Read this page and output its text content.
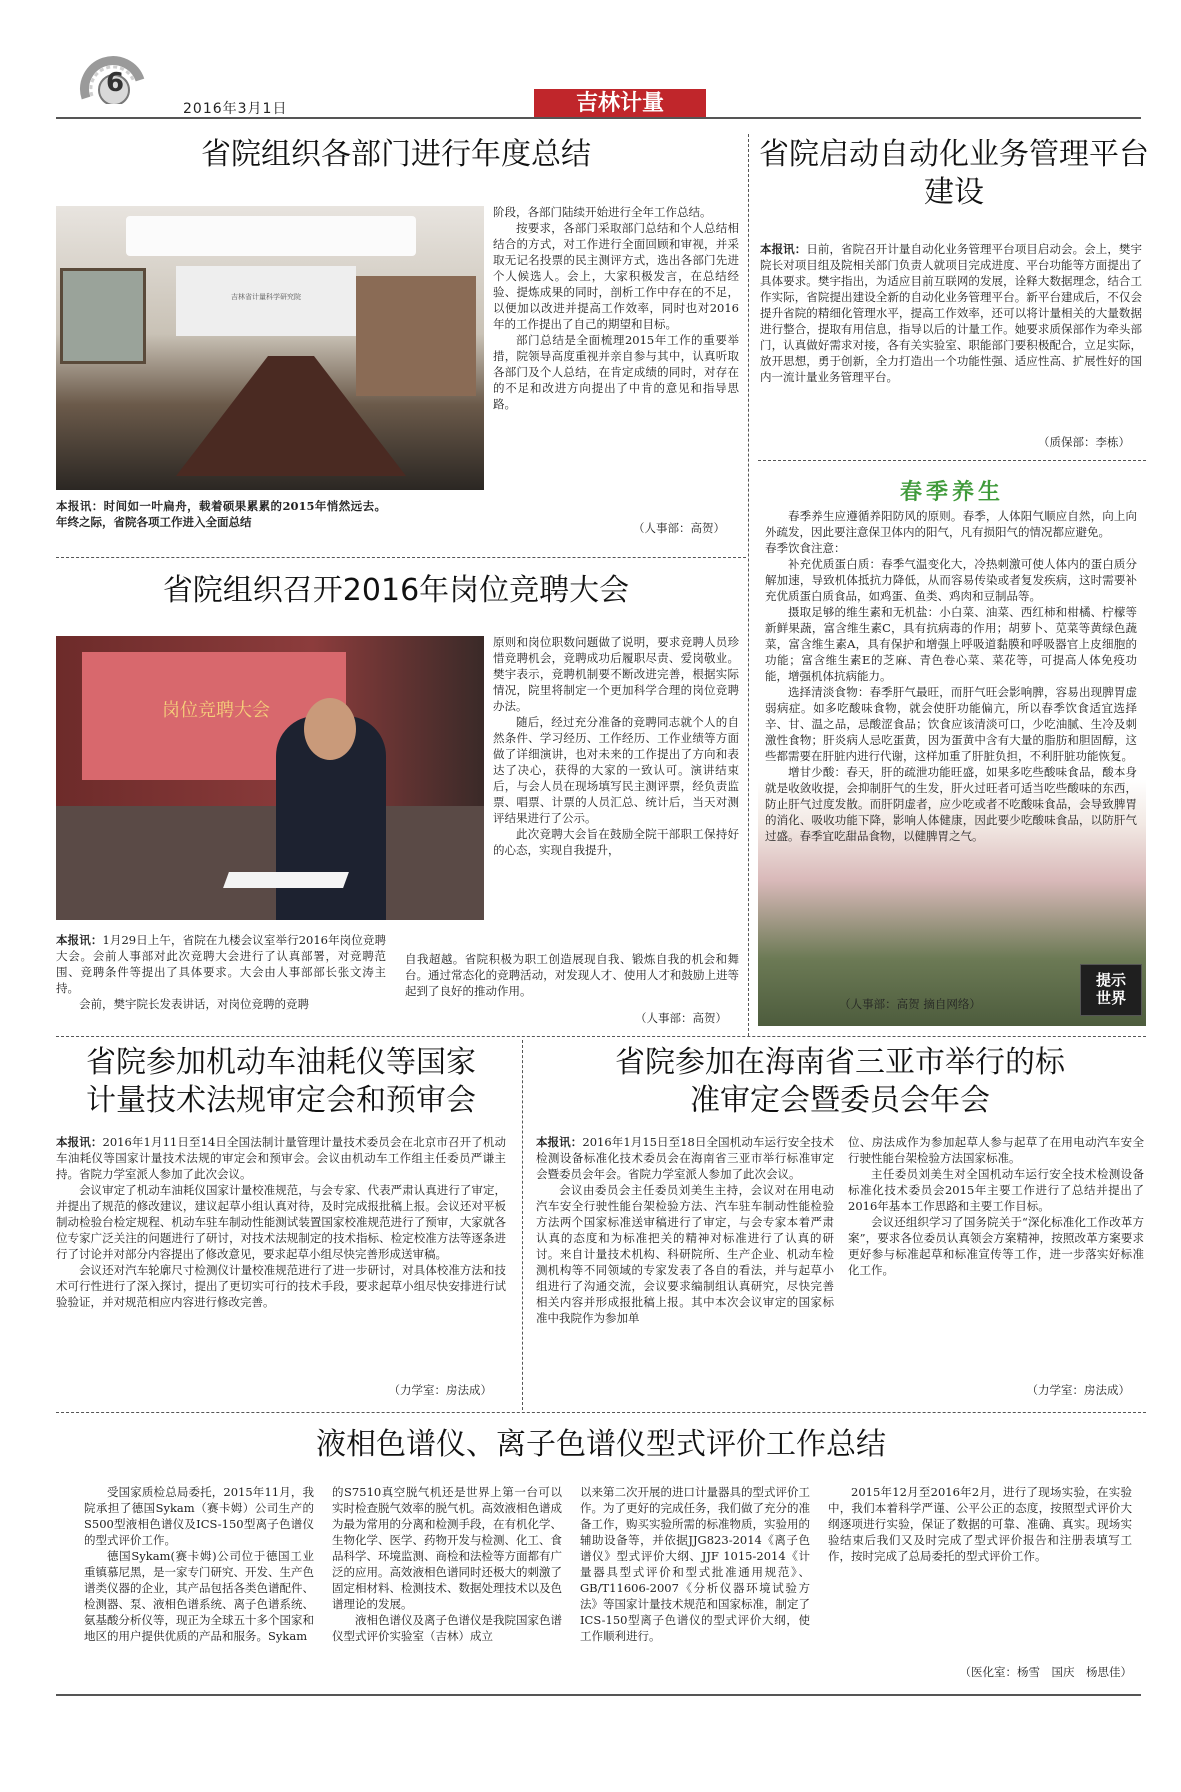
6
2016年3月1日	吉林计量
省院组织各部门进行年度总结
吉林省计量科学研究院
本报讯：时间如一叶扁舟，载着硕果累累的2015年悄然远去。年终之际，省院各项工作进入全面总结

阶段，各部门陆续开始进行全年工作总结。

按要求，各部门采取部门总结和个人总结相结合的方式，对工作进行全面回顾和审视，并采取无记名投票的民主测评方式，选出各部门先进个人候选人。会上，大家积极发言，在总结经验、提炼成果的同时，剖析工作中存在的不足，以便加以改进并提高工作效率，同时也对2016年的工作提出了自己的期望和目标。

部门总结是全面梳理2015年工作的重要举措，院领导高度重视并亲自参与其中，认真听取各部门及个人总结，在肯定成绩的同时，对存在的不足和改进方向提出了中肯的意见和指导思路。

（人事部：高贺）
省院启动自动化业务管理平台建设

本报讯：日前，省院召开计量自动化业务管理平台项目启动会。会上，樊宇院长对项目组及院相关部门负责人就项目完成进度、平台功能等方面提出了具体要求。樊宇指出，为适应目前互联网的发展，诠释大数据理念，结合工作实际，省院提出建设全新的自动化业务管理平台。新平台建成后，不仅会提升省院的精细化管理水平，提高工作效率，还可以将计量相关的大量数据进行整合，提取有用信息，指导以后的计量工作。她要求质保部作为牵头部门，认真做好需求对接，各有关实验室、职能部门要积极配合，立足实际，放开思想，勇于创新，全力打造出一个功能性强、适应性高、扩展性好的国内一流计量业务管理平台。

（质保部：李栋）
春季养生

春季养生应遵循养阳防风的原则。春季，人体阳气顺应自然，向上向外疏发，因此要注意保卫体内的阳气，凡有损阳气的情况都应避免。

春季饮食注意：

补充优质蛋白质：春季气温变化大，冷热刺激可使人体内的蛋白质分解加速，导致机体抵抗力降低，从而容易传染或者复发疾病，这时需要补充优质蛋白质食品，如鸡蛋、鱼类、鸡肉和豆制品等。

摄取足够的维生素和无机盐：小白菜、油菜、西红柿和柑橘、柠檬等新鲜果蔬，富含维生素C，具有抗病毒的作用；胡萝卜、苋菜等黄绿色蔬菜，富含维生素A，具有保护和增强上呼吸道黏膜和呼吸器官上皮细胞的功能；富含维生素E的芝麻、青色卷心菜、菜花等，可提高人体免疫功能，增强机体抗病能力。

选择清淡食物：春季肝气最旺，而肝气旺会影响脾，容易出现脾胃虚弱病症。如多吃酸味食物，就会使肝功能偏亢，所以春季饮食适宜选择辛、甘、温之品，忌酸涩食品；饮食应该清淡可口，少吃油腻、生冷及刺激性食物；肝炎病人忌吃蛋黄，因为蛋黄中含有大量的脂肪和胆固醇，这些都需要在肝脏内进行代谢，这样加重了肝脏负担，不利肝脏功能恢复。

增甘少酸：春天，肝的疏泄功能旺盛，如果多吃些酸味食品，酸本身就是收敛收提，会抑制肝气的生发，肝火过旺者可适当吃些酸味的东西，防止肝气过度发散。而肝阴虚者，应少吃或者不吃酸味食品，会导致脾胃的消化、吸收功能下降，影响人体健康，因此要少吃酸味食品，以防肝气过盛。春季宜吃甜品食物，以健脾胃之气。

提示
世界
（人事部：高贺 摘自网络）
省院组织召开2016年岗位竞聘大会
岗位竞聘大会

本报讯：1月29日上午，省院在九楼会议室举行2016年岗位竞聘大会。会前人事部对此次竞聘大会进行了认真部署，对竞聘范围、竞聘条件等提出了具体要求。大会由人事部部长张文涛主持。

会前，樊宇院长发表讲话，对岗位竞聘的竞聘

原则和岗位职数问题做了说明，要求竞聘人员珍惜竞聘机会，竞聘成功后履职尽责、爱岗敬业。樊宇表示，竞聘机制要不断改进完善，根据实际情况，院里将制定一个更加科学合理的岗位竞聘办法。

随后，经过充分准备的竞聘同志就个人的自然条件、学习经历、工作经历、工作业绩等方面做了详细演讲，也对未来的工作提出了方向和表达了决心，获得的大家的一致认可。演讲结束后，与会人员在现场填写民主测评票，经负责监票、唱票、计票的人员汇总、统计后，当天对测评结果进行了公示。

此次竞聘大会旨在鼓励全院干部职工保持好的心态，实现自我提升，

自我超越。省院积极为职工创造展现自我、锻炼自我的机会和舞台。通过常态化的竞聘活动，对发现人才、使用人才和鼓励上进等起到了良好的推动作用。

（人事部：高贺）
省院参加机动车油耗仪等国家
计量技术法规审定会和预审会

本报讯：2016年1月11日至14日全国法制计量管理计量技术委员会在北京市召开了机动车油耗仪等国家计量技术法规的审定会和预审会。会议由机动车工作组主任委员严谦主持。省院力学室派人参加了此次会议。

会议审定了机动车油耗仪国家计量校准规范，与会专家、代表严肃认真进行了审定，并提出了规范的修改建议，建议起草小组认真对待，及时完成报批稿上报。会议还对平板制动检验台检定规程、机动车驻车制动性能测试装置国家校准规范进行了预审，大家就各位专家广泛关注的问题进行了研讨，对技术法规制定的技术指标、检定校准方法等逐条进行了讨论并对部分内容提出了修改意见，要求起草小组尽快完善形成送审稿。

会议还对汽车轮廓尺寸检测仪计量校准规范进行了进一步研讨，对具体校准方法和技术可行性进行了深入探讨，提出了更切实可行的技术手段，要求起草小组尽快安排进行试验验证，并对规范相应内容进行修改完善。

（力学室：房法成）
省院参加在海南省三亚市举行的标
准审定会暨委员会年会

本报讯：2016年1月15日至18日全国机动车运行安全技术检测设备标准化技术委员会在海南省三亚市举行标准审定会暨委员会年会。省院力学室派人参加了此次会议。

会议由委员会主任委员刘美生主持，会议对在用电动汽车安全行驶性能台架检验方法、汽车驻车制动性能检验方法两个国家标准送审稿进行了审定，与会专家本着严肃认真的态度和为标准把关的精神对标准进行了认真的研讨。来自计量技术机构、科研院所、生产企业、机动车检测机构等不同领域的专家发表了各自的看法，并与起草小组进行了沟通交流，会议要求编制组认真研究，尽快完善相关内容并形成报批稿上报。其中本次会议审定的国家标准中我院作为参加单

位、房法成作为参加起草人参与起草了在用电动汽车安全行驶性能台架检验方法国家标准。

主任委员刘美生对全国机动车运行安全技术检测设备标准化技术委员会2015年主要工作进行了总结并提出了2016年基本工作思路和主要工作目标。

会议还组织学习了国务院关于“深化标准化工作改革方案”，要求各位委员认真领会方案精神，按照改革方案要求更好参与标准起草和标准宣传等工作，进一步落实好标准化工作。

（力学室：房法成）
液相色谱仪、离子色谱仪型式评价工作总结

受国家质检总局委托，2015年11月，我院承担了德国Sykam（赛卡姆）公司生产的S500型液相色谱仪及ICS-150型离子色谱仪的型式评价工作。

德国Sykam(赛卡姆)公司位于德国工业重镇慕尼黑，是一家专门研究、开发、生产色谱类仪器的企业，其产品包括各类色谱配件、检测器、泵、液相色谱系统、离子色谱系统、氨基酸分析仪等，现正为全球五十多个国家和地区的用户提供优质的产品和服务。Sykam

的S7510真空脱气机还是世界上第一台可以实时检查脱气效率的脱气机。高效液相色谱成为最为常用的分离和检测手段，在有机化学、生物化学、医学、药物开发与检测、化工、食品科学、环境监测、商检和法检等方面都有广泛的应用。高效液相色谱同时还极大的刺激了固定相材料、检测技术、数据处理技术以及色谱理论的发展。

液相色谱仪及离子色谱仪是我院国家色谱仪型式评价实验室（吉林）成立

以来第二次开展的进口计量器具的型式评价工作。为了更好的完成任务，我们做了充分的准备工作，购买实验所需的标准物质，实验用的辅助设备等，并依据JJG823-2014《离子色谱仪》型式评价大纲、JJF 1015-2014《计量器具型式评价和型式批准通用规范》、GB/T11606-2007《分析仪器环境试验方法》等国家计量技术规范和国家标准，制定了ICS-150型离子色谱仪的型式评价大纲，使工作顺利进行。

2015年12月至2016年2月，进行了现场实验，在实验中，我们本着科学严谨、公平公正的态度，按照型式评价大纲逐项进行实验，保证了数据的可靠、准确、真实。现场实验结束后我们又及时完成了型式评价报告和注册表填写工作，按时完成了总局委托的型式评价工作。

（医化室：杨雪　国庆　杨思佳）
